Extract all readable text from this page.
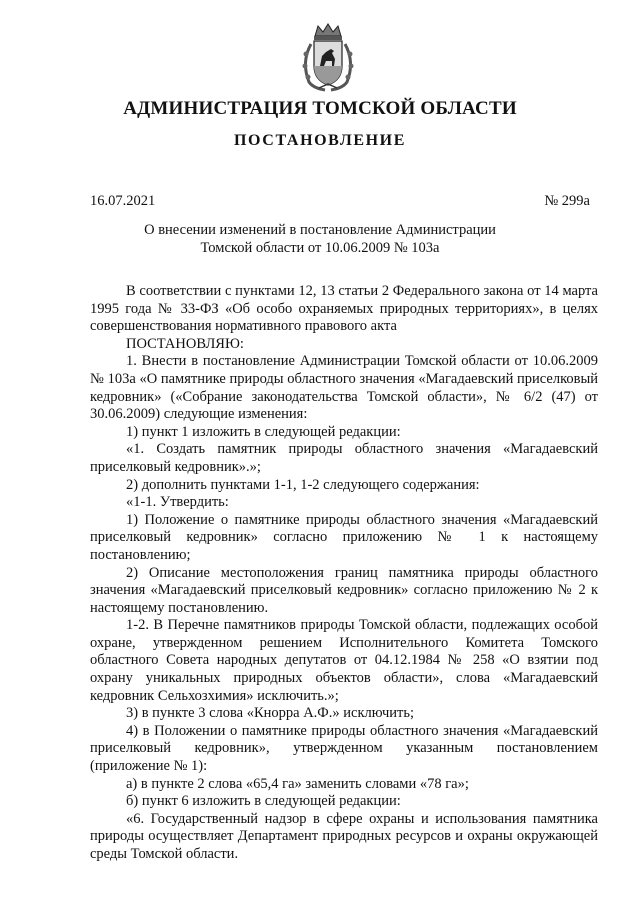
АДМИНИСТРАЦИЯ ТОМСКОЙ ОБЛАСТИ
ПОСТАНОВЛЕНИЕ
16.07.2021	№ 299а
О внесении изменений в постановление Администрации
Томской области от 10.06.2009 № 103а

В соответствии с пунктами 12, 13 статьи 2 Федерального закона от 14 марта 1995 года № 33-ФЗ «Об особо охраняемых природных территориях», в целях совершенствования нормативного правового акта

ПОСТАНОВЛЯЮ:

1. Внести в постановление Администрации Томской области от 10.06.2009 № 103а «О памятнике природы областного значения «Магадаевский приселковый кедровник» («Собрание законодательства Томской области», № 6/2 (47) от 30.06.2009) следующие изменения:

1) пункт 1 изложить в следующей редакции:

«1. Создать памятник природы областного значения «Магадаевский приселковый кедровник».»;

2) дополнить пунктами 1-1, 1-2 следующего содержания:

«1-1. Утвердить:

1) Положение о памятнике природы областного значения «Магадаевский приселковый кедровник» согласно приложению № 1 к настоящему постановлению;

2) Описание местоположения границ памятника природы областного значения «Магадаевский приселковый кедровник» согласно приложению № 2 к настоящему постановлению.

1-2. В Перечне памятников природы Томской области, подлежащих особой охране, утвержденном решением Исполнительного Комитета Томского областного Совета народных депутатов от 04.12.1984 № 258 «О взятии под охрану уникальных природных объектов области», слова «Магадаевский кедровник Сельхозхимия» исключить.»;

3) в пункте 3 слова «Кнорра А.Ф.» исключить;

4) в Положении о памятнике природы областного значения «Магадаевский приселковый кедровник», утвержденном указанным постановлением (приложение № 1):

а) в пункте 2 слова «65,4 га» заменить словами «78 га»;

б) пункт 6 изложить в следующей редакции:

«6. Государственный надзор в сфере охраны и использования памятника природы осуществляет Департамент природных ресурсов и охраны окружающей среды Томской области.
